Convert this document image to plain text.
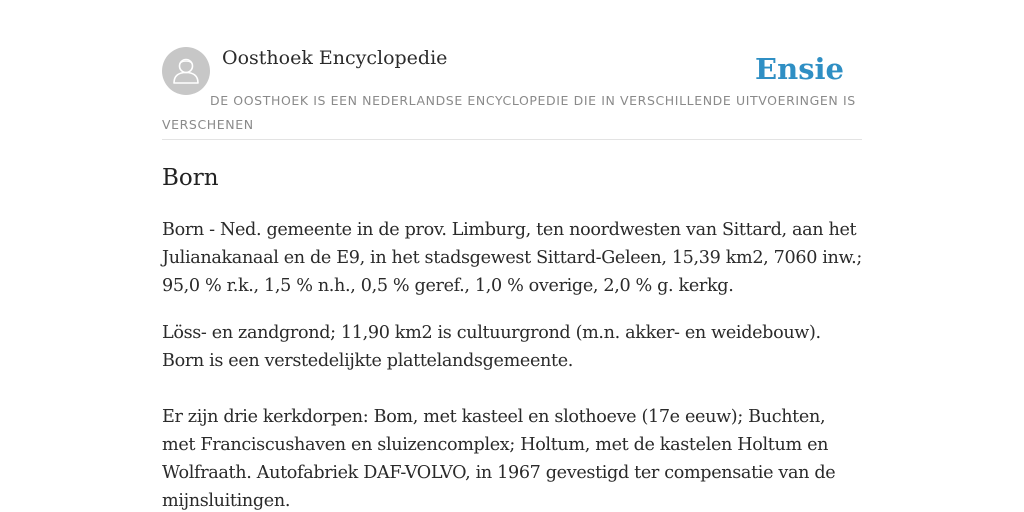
Oosthoek Encyclopedie	Ensie
DE OOSTHOEK IS EEN NEDERLANDSE ENCYCLOPEDIE DIE IN VERSCHILLENDE UITVOERINGEN IS VERSCHENEN
Born

Born - Ned. gemeente in de prov. Limburg, ten noordwesten van Sittard, aan het Julianakanaal en de E9, in het stadsgewest Sittard-Geleen, 15,39 km2, 7060 inw.; 95,0 % r.k., 1,5 % n.h., 0,5 % geref., 1,0 % overige, 2,0 % g. kerkg.

Löss- en zandgrond; 11,90 km2 is cultuurgrond (m.n. akker- en weidebouw). Born is een verstedelijkte plattelandsgemeente.

Er zijn drie kerkdorpen: Bom, met kasteel en slothoeve (17e eeuw); Buchten, met Franciscushaven en sluizencomplex; Holtum, met de kastelen Holtum en Wolfraath. Autofabriek DAF-VOLVO, in 1967 gevestigd ter compensatie van de mijnsluitingen.
